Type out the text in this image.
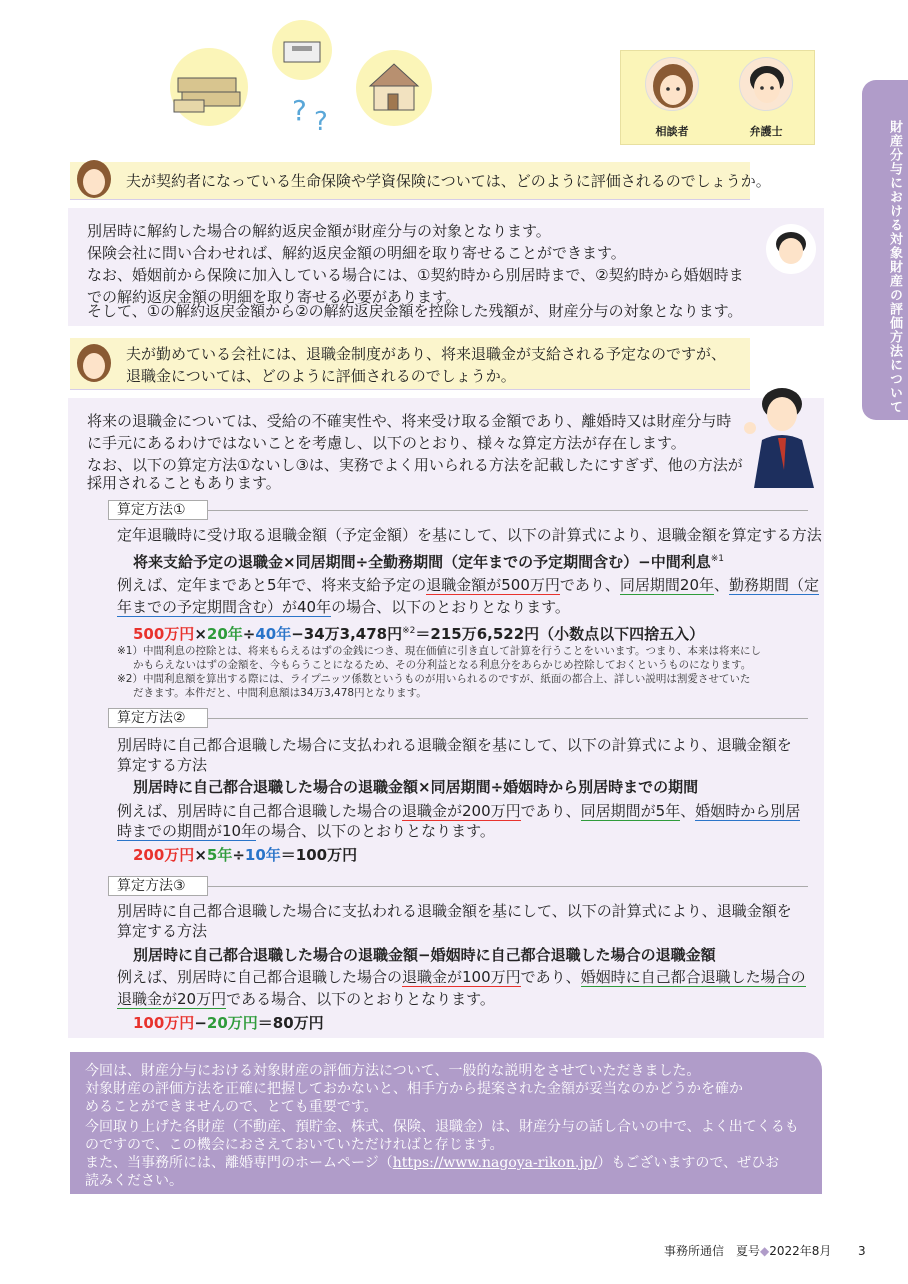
財産分与における対象財産の評価方法について
? ?	相談者	弁護士
夫が契約者になっている生命保険や学資保険については、どのように評価されるのでしょうか。
別居時に解約した場合の解約返戻金額が財産分与の対象となります。
保険会社に問い合わせれば、解約返戻金額の明細を取り寄せることができます。
なお、婚姻前から保険に加入している場合には、①契約時から別居時まで、②契約時から婚姻時ま
での解約返戻金額の明細を取り寄せる必要があります。
そして、①の解約返戻金額から②の解約返戻金額を控除した残額が、財産分与の対象となります。
夫が勤めている会社には、退職金制度があり、将来退職金が支給される予定なのですが、
退職金については、どのように評価されるのでしょうか。
将来の退職金については、受給の不確実性や、将来受け取る金額であり、離婚時又は財産分与時
に手元にあるわけではないことを考慮し、以下のとおり、様々な算定方法が存在します。
なお、以下の算定方法①ないし③は、実務でよく用いられる方法を記載したにすぎず、他の方法が
採用されることもあります。
算定方法①
定年退職時に受け取る退職金額（予定金額）を基にして、以下の計算式により、退職金額を算定する方法
将来支給予定の退職金×同居期間÷全勤務期間（定年までの予定期間含む）−中間利息$^{※1}$
例えば、定年まであと5年で、将来支給予定の退職金額が500万円であり、同居期間20年、勤務期間（定
年までの予定期間含む）が40年の場合、以下のとおりとなります。
500万円×20年÷40年−34万3,478円$^{※2}$＝215万6,522円（小数点以下四捨五入）
※1）中間利息の控除とは、将来もらえるはずの金銭につき、現在価値に引き直して計算を行うことをいいます。つまり、本来は将来にし
かもらえないはずの金額を、今もらうことになるため、その分利益となる利息分をあらかじめ控除しておくというものになります。
※2）中間利息額を算出する際には、ライプニッツ係数というものが用いられるのですが、紙面の都合上、詳しい説明は割愛させていた
だきます。本件だと、中間利息額は34万3,478円となります。
算定方法②
別居時に自己都合退職した場合に支払われる退職金額を基にして、以下の計算式により、退職金額を
算定する方法
別居時に自己都合退職した場合の退職金額×同居期間÷婚姻時から別居時までの期間
例えば、別居時に自己都合退職した場合の退職金が200万円であり、同居期間が5年、婚姻時から別居
時までの期間が10年の場合、以下のとおりとなります。
200万円×5年÷10年＝100万円
算定方法③
別居時に自己都合退職した場合に支払われる退職金額を基にして、以下の計算式により、退職金額を
算定する方法
別居時に自己都合退職した場合の退職金額−婚姻時に自己都合退職した場合の退職金額
例えば、別居時に自己都合退職した場合の退職金が100万円であり、婚姻時に自己都合退職した場合の
退職金が20万円である場合、以下のとおりとなります。
100万円−20万円＝80万円
今回は、財産分与における対象財産の評価方法について、一般的な説明をさせていただきました。
対象財産の評価方法を正確に把握しておかないと、相手方から提案された金額が妥当なのかどうかを確か
めることができませんので、とても重要です。
今回取り上げた各財産（不動産、預貯金、株式、保険、退職金）は、財産分与の話し合いの中で、よく出てくるも
のですので、この機会におさえておいていただければと存じます。
また、当事務所には、離婚専門のホームページ（https://www.nagoya-rikon.jp/）もございますので、ぜひお
読みください。
事務所通信　夏号◆2022年8月 3
